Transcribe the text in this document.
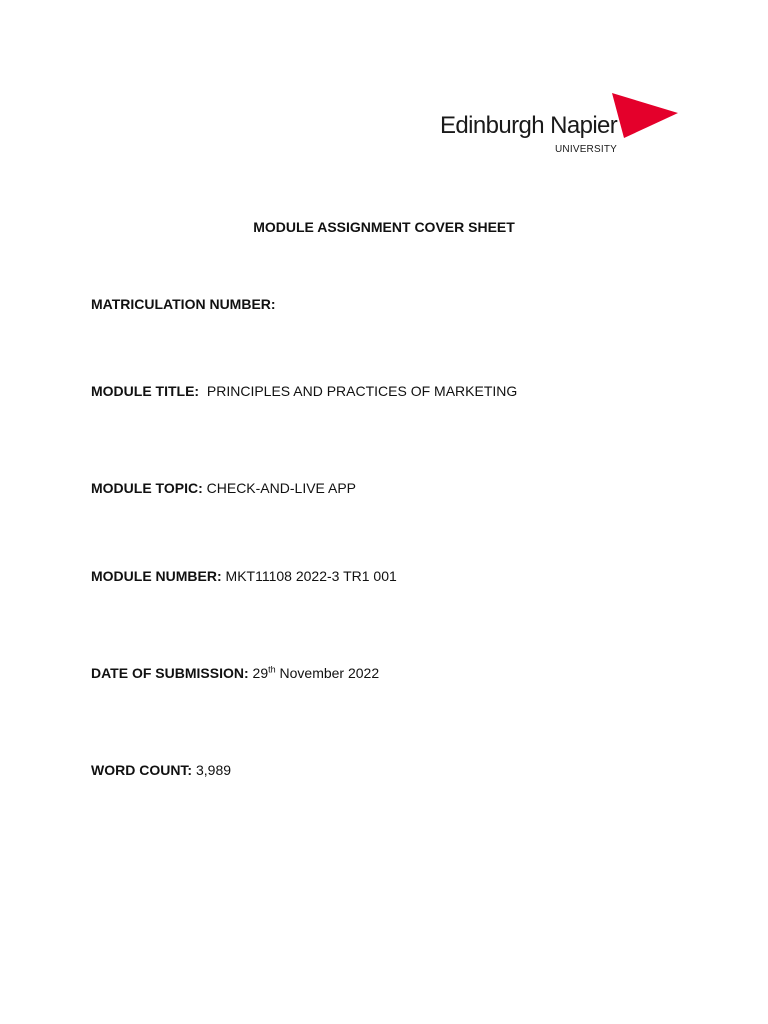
Edinburgh Napier
UNIVERSITY
MODULE ASSIGNMENT COVER SHEET
MATRICULATION NUMBER:
MODULE TITLE: PRINCIPLES AND PRACTICES OF MARKETING
MODULE TOPIC: CHECK-AND-LIVE APP
MODULE NUMBER: MKT11108 2022-3 TR1 001
DATE OF SUBMISSION: 29th November 2022
WORD COUNT: 3,989
